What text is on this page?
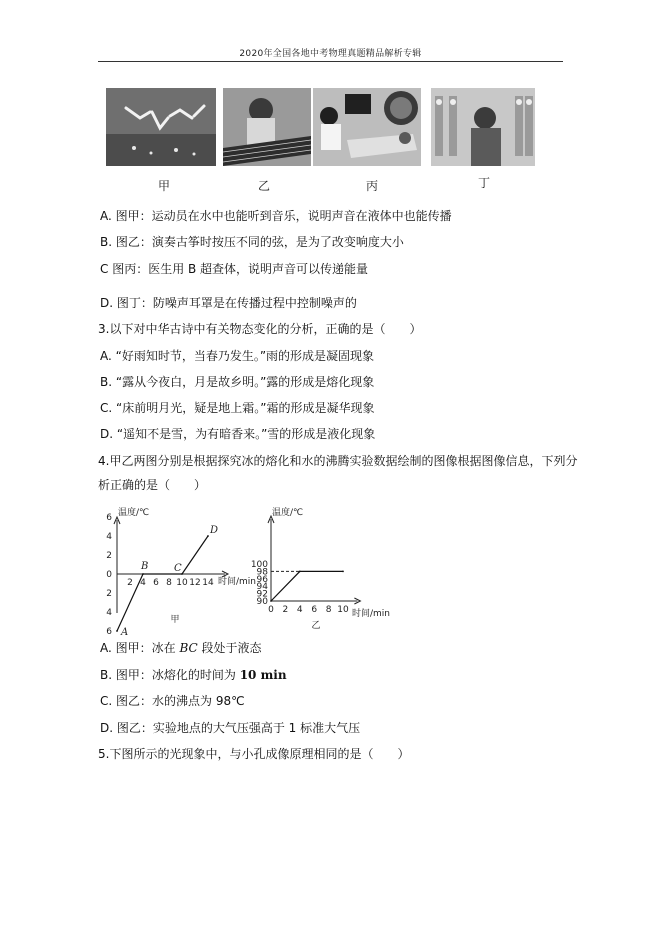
2020年全国各地中考物理真题精品解析专辑
甲	乙	丙	丁
A. 图甲：运动员在水中也能听到音乐，说明声音在液体中也能传播
B. 图乙：演奏古筝时按压不同的弦，是为了改变响度大小
C 图丙：医生用 B 超查体，说明声音可以传递能量
D. 图丁：防噪声耳罩是在传播过程中控制噪声的
3.以下对中华古诗中有关物态变化的分析，正确的是（　　）
A. “好雨知时节，当春乃发生。”雨的形成是凝固现象
B. “露从今夜白，月是故乡明。”露的形成是熔化现象
C. “床前明月光，疑是地上霜。”霜的形成是凝华现象
D. “遥知不是雪，为有暗香来。”雪的形成是液化现象
4.甲乙两图分别是根据探究冰的熔化和水的沸腾实验数据绘制的图像根据图像信息，下列分
析正确的是（　　）
温度/℃
时间/min
甲
6
4
2
0
2
4
6
2 4 6 8 10 12 14
A
B	C
D
温度/℃
时间/min
乙
90
92
94
96
98
100
0 2 4 6 8 10
A. 图甲：冰在 BC 段处于液态
B. 图甲：冰熔化的时间为 10 min
C. 图乙：水的沸点为 98℃
D. 图乙：实验地点的大气压强高于 1 标准大气压
5.下图所示的光现象中，与小孔成像原理相同的是（　　）
